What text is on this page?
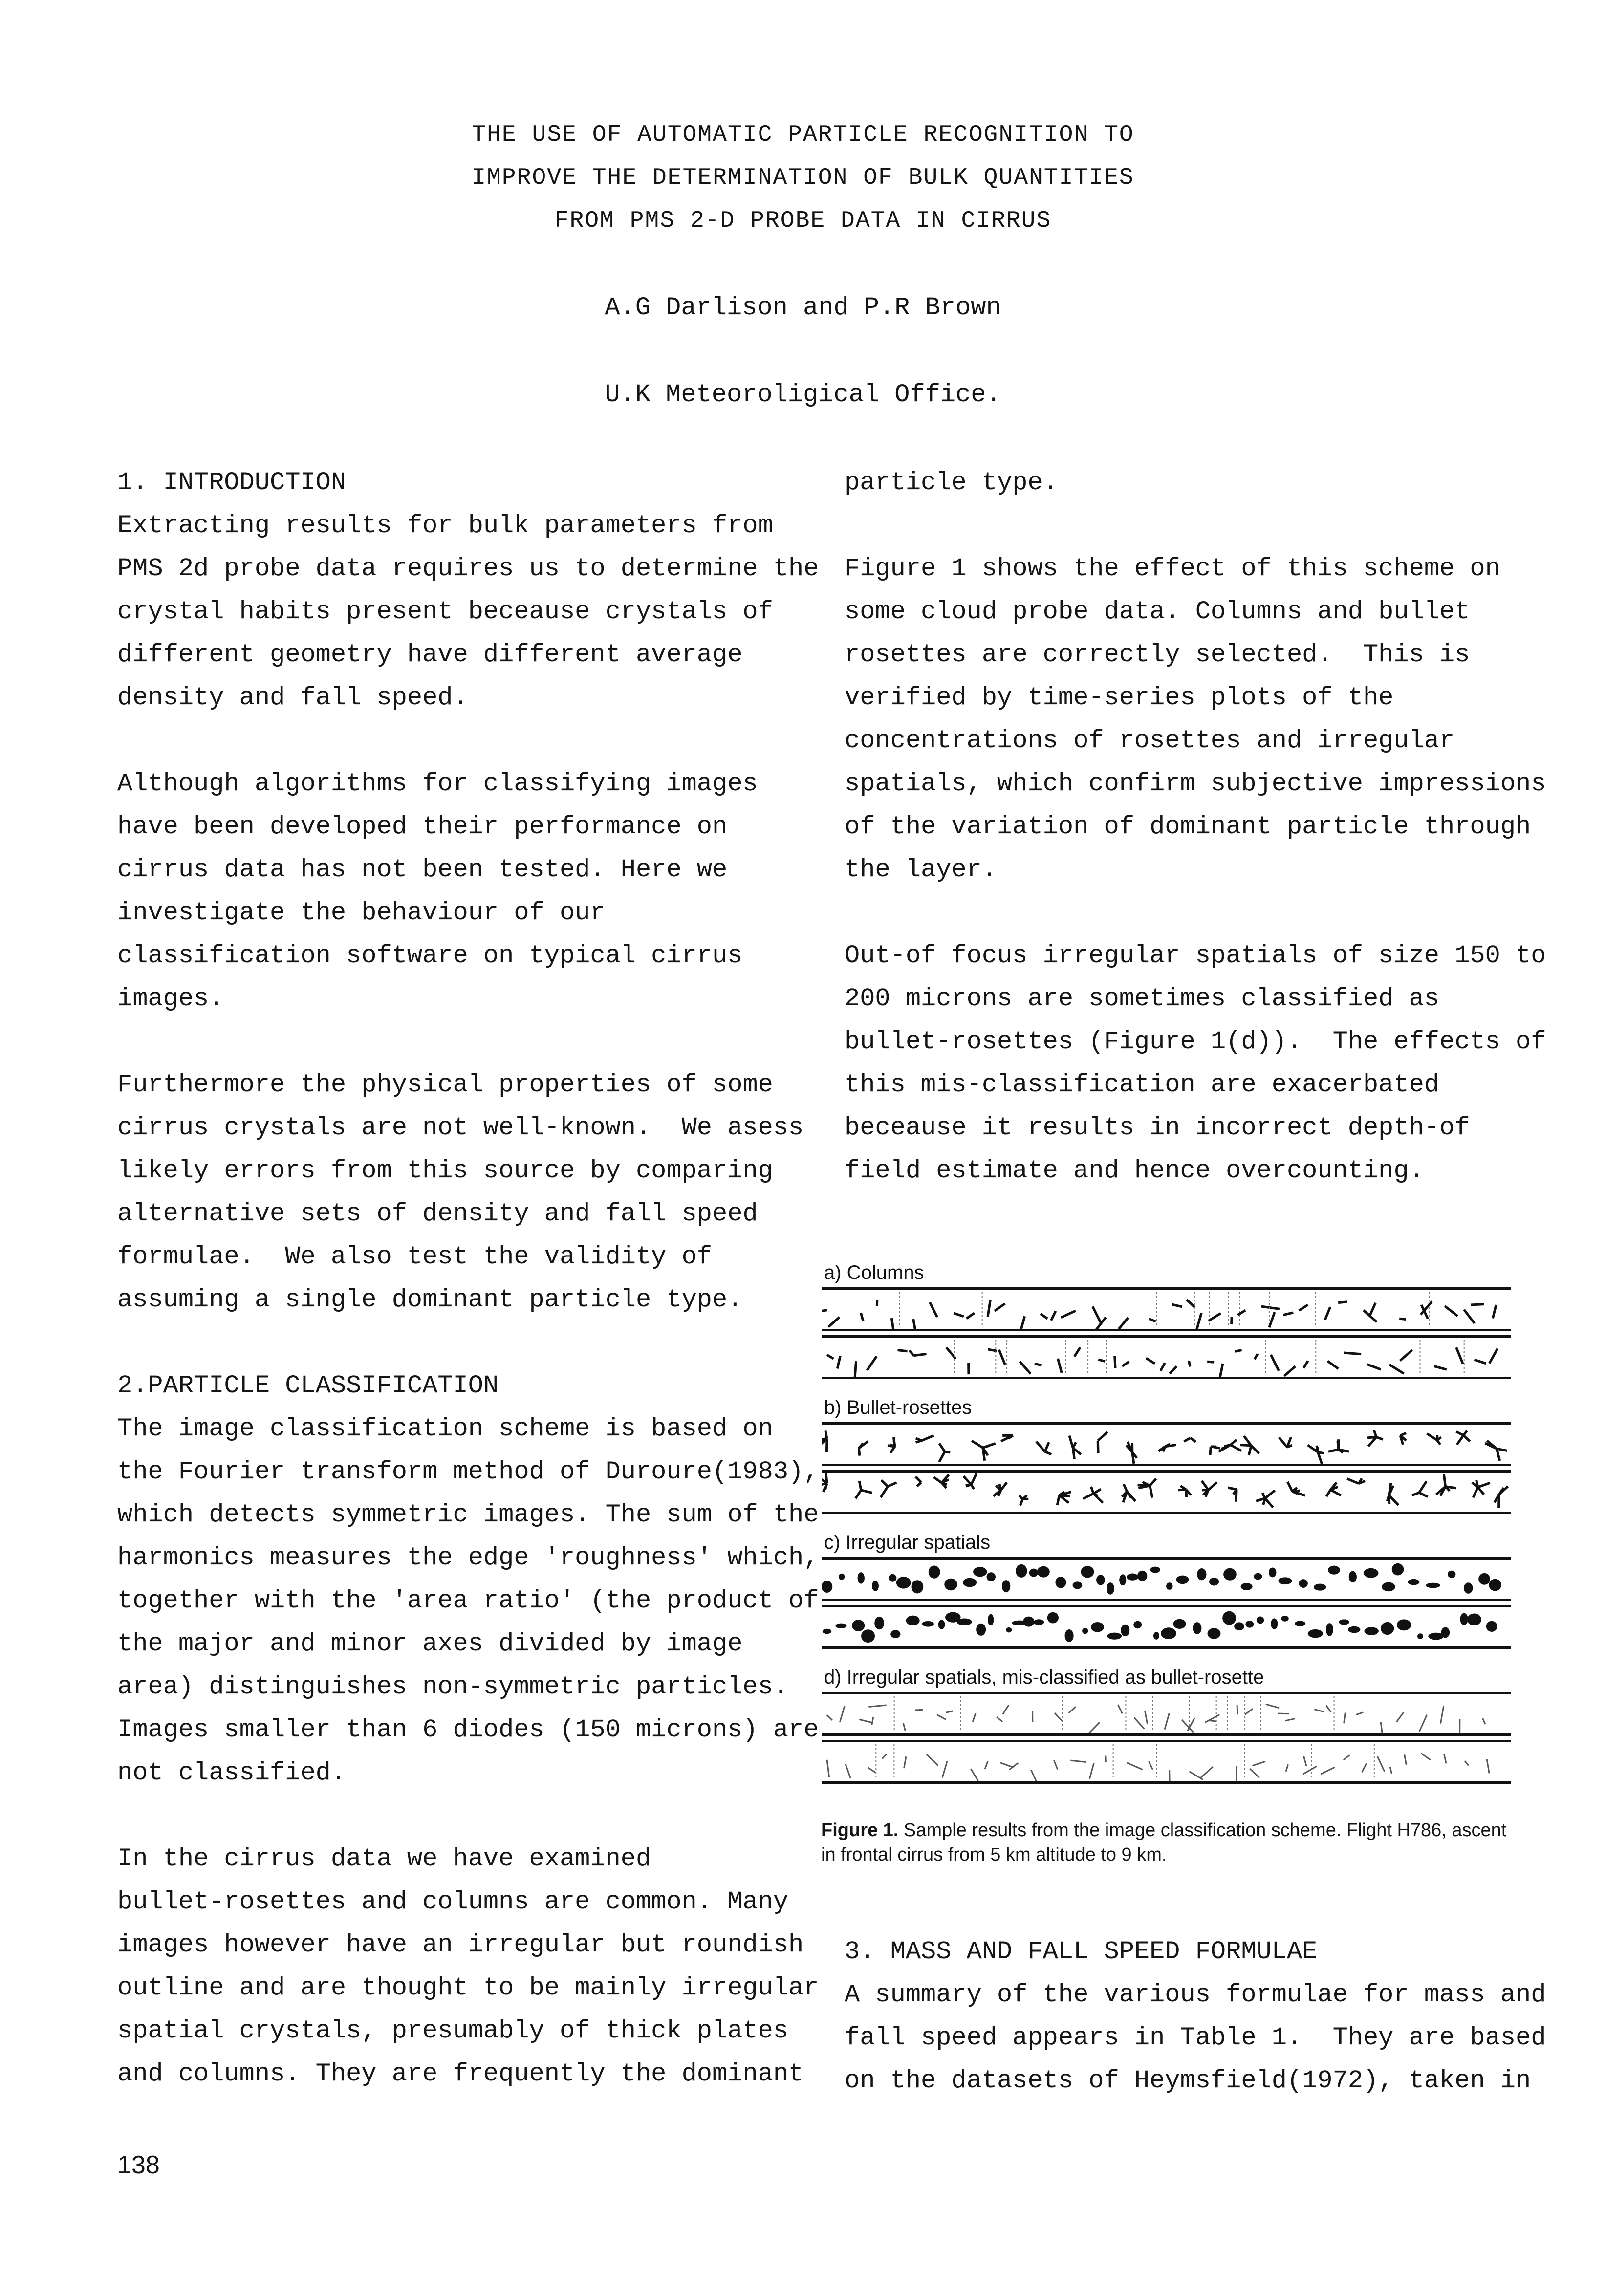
THE USE OF AUTOMATIC PARTICLE RECOGNITION TO
IMPROVE THE DETERMINATION OF BULK QUANTITIES
FROM PMS 2-D PROBE DATA IN CIRRUS
A.G Darlison and P.R Brown
U.K Meteoroligical Office.

1. INTRODUCTION

Extracting results for bulk parameters from

PMS 2d probe data requires us to determine the

crystal habits present beceause crystals of

different geometry have different average

density and fall speed.

Although algorithms for classifying images

have been developed their performance on

cirrus data has not been tested. Here we

investigate the behaviour of our

classification software on typical cirrus

images.

Furthermore the physical properties of some

cirrus crystals are not well-known.  We asess

likely errors from this source by comparing

alternative sets of density and fall speed

formulae.  We also test the validity of

assuming a single dominant particle type.

2.PARTICLE CLASSIFICATION

The image classification scheme is based on

the Fourier transform method of Duroure(1983),

which detects symmetric images. The sum of the

harmonics measures the edge 'roughness' which,

together with the 'area ratio' (the product of

the major and minor axes divided by image

area) distinguishes non-symmetric particles.

Images smaller than 6 diodes (150 microns) are

not classified.

In the cirrus data we have examined

bullet-rosettes and columns are common. Many

images however have an irregular but roundish

outline and are thought to be mainly irregular

spatial crystals, presumably of thick plates

and columns. They are frequently the dominant

particle type.

Figure 1 shows the effect of this scheme on

some cloud probe data. Columns and bullet

rosettes are correctly selected.  This is

verified by time-series plots of the

concentrations of rosettes and irregular

spatials, which confirm subjective impressions

of the variation of dominant particle through

the layer.

Out-of focus irregular spatials of size 150 to

200 microns are sometimes classified as

bullet-rosettes (Figure 1(d)).  The effects of

this mis-classification are exacerbated

beceause it results in incorrect depth-of

field estimate and hence overcounting.

a) Columns
b) Bullet-rosettes
c) Irregular spatials
d) Irregular spatials, mis-classified as bullet-rosette
Figure 1. Sample results from the image classification scheme. Flight H786, ascent in frontal cirrus from 5 km altitude to 9 km.

3. MASS AND FALL SPEED FORMULAE

A summary of the various formulae for mass and

fall speed appears in Table 1.  They are based

on the datasets of Heymsfield(1972), taken in

138
